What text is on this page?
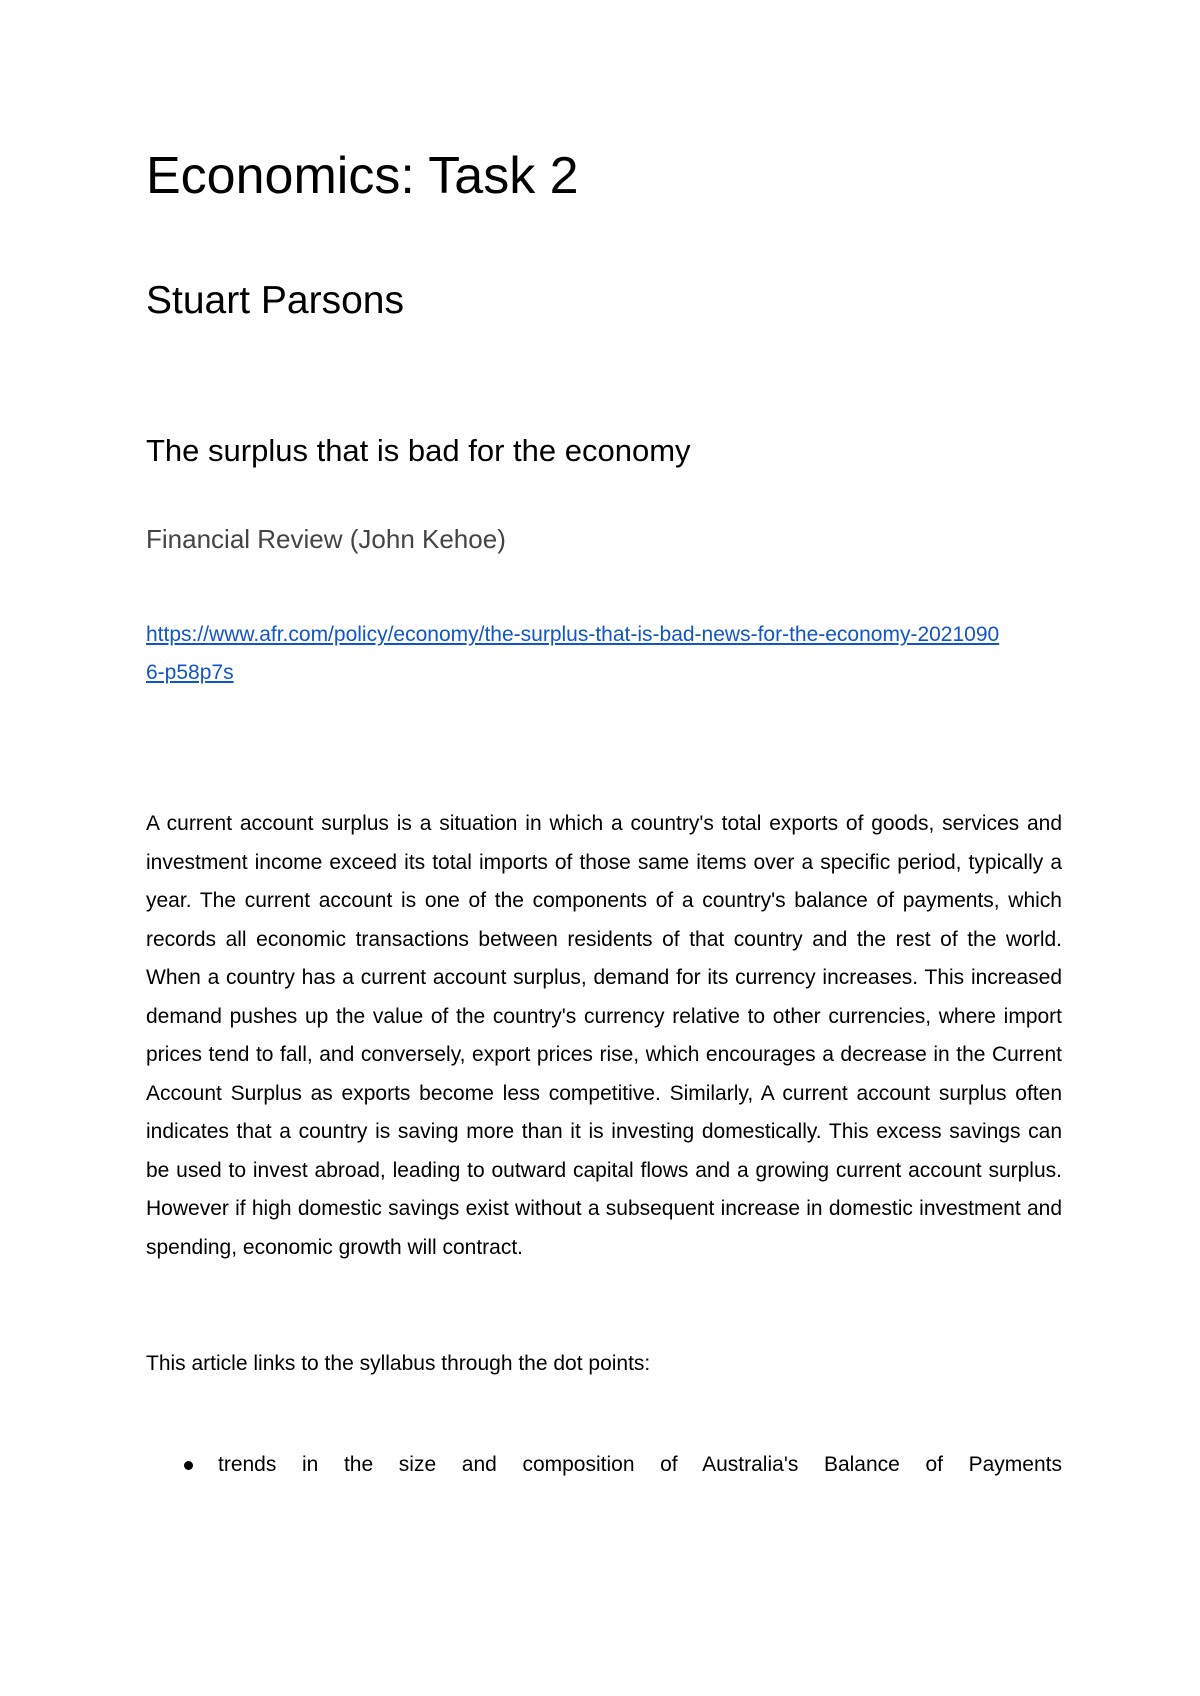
Economics: Task 2
Stuart Parsons
The surplus that is bad for the economy
Financial Review (John Kehoe)
https://www.afr.com/policy/economy/the-surplus-that-is-bad-news-for-the-economy-20210906-p58p7s

A current account surplus is a situation in which a country's total exports of goods, services and investment income exceed its total imports of those same items over a specific period, typically a year. The current account is one of the components of a country's balance of payments, which records all economic transactions between residents of that country and the rest of the world. When a country has a current account surplus, demand for its currency increases. This increased demand pushes up the value of the country's currency relative to other currencies, where import prices tend to fall, and conversely, export prices rise, which encourages a decrease in the Current Account Surplus as exports become less competitive. Similarly, A current account surplus often indicates that a country is saving more than it is investing domestically. This excess savings can be used to invest abroad, leading to outward capital flows and a growing current account surplus. However if high domestic savings exist without a subsequent increase in domestic investment and spending, economic growth will contract.

This article links to the syllabus through the dot points:

trends in the size and composition of Australia's Balance of Payments
